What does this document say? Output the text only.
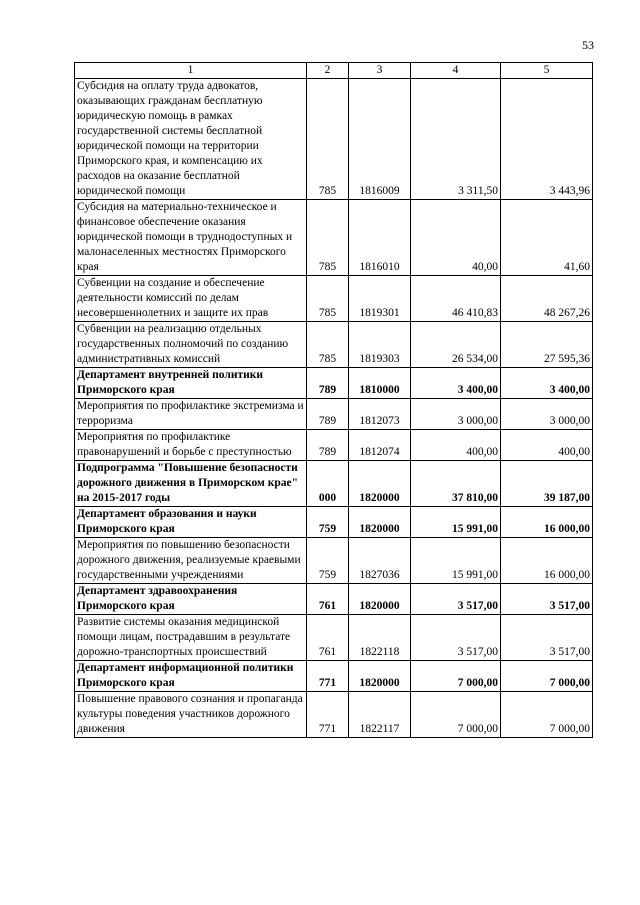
53
1	2	3	4	5
Субсидия на оплату труда адвокатов, оказывающих гражданам бесплатную юридическую помощь в рамках государственной системы бесплатной юридической помощи на территории Приморского края, и компенсацию их расходов на оказание бесплатной юридической помощи	785	1816009	3 311,50	3 443,96
Субсидия на материально-техническое и финансовое обеспечение оказания юридической помощи в труднодоступных и малонаселенных местностях Приморского края	785	1816010	40,00	41,60
Субвенции на создание и обеспечение деятельности комиссий по делам несовершеннолетних и защите их прав	785	1819301	46 410,83	48 267,26
Субвенции на реализацию отдельных государственных полномочий по созданию административных комиссий	785	1819303	26 534,00	27 595,36
Департамент внутренней политики Приморского края	789	1810000	3 400,00	3 400,00
Мероприятия по профилактике экстремизма и терроризма	789	1812073	3 000,00	3 000,00
Мероприятия по профилактике правонарушений и борьбе с преступностью	789	1812074	400,00	400,00
Подпрограмма "Повышение безопасности дорожного движения в Приморском крае" на 2015-2017 годы	000	1820000	37 810,00	39 187,00
Департамент образования и науки Приморского края	759	1820000	15 991,00	16 000,00
Мероприятия по повышению безопасности дорожного движения, реализуемые краевыми государственными учреждениями	759	1827036	15 991,00	16 000,00
Департамент здравоохранения Приморского края	761	1820000	3 517,00	3 517,00
Развитие системы оказания медицинской помощи лицам, пострадавшим в результате дорожно-транспортных происшествий	761	1822118	3 517,00	3 517,00
Департамент информационной политики Приморского края	771	1820000	7 000,00	7 000,00
Повышение правового сознания и пропаганда культуры поведения участников дорожного движения	771	1822117	7 000,00	7 000,00
